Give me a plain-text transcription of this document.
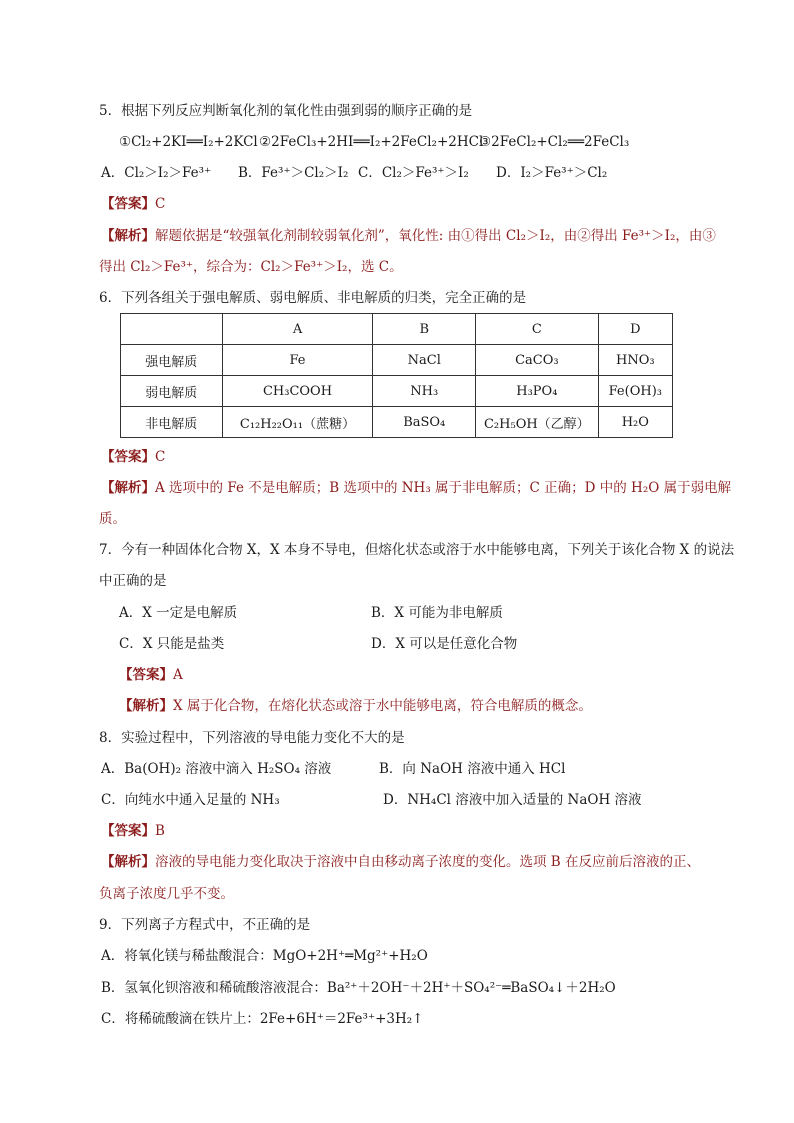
5．根据下列反应判断氧化剂的氧化性由强到弱的顺序正确的是
①Cl₂+2KI══I₂+2KCl ②2FeCl₃+2HI══I₂+2FeCl₂+2HCl
③2FeCl₂+Cl₂══2FeCl₃
A．Cl₂＞I₂＞Fe³⁺ B．Fe³⁺＞Cl₂＞I₂ C．Cl₂＞Fe³⁺＞I₂ D．I₂＞Fe³⁺＞Cl₂
【答案】C
【解析】解题依据是“较强氧化剂制较弱氧化剂”，氧化性: 由①得出 Cl₂＞I₂，由②得出 Fe³⁺＞I₂，由③
得出 Cl₂＞Fe³⁺，综合为：Cl₂＞Fe³⁺＞I₂，选 C。
6．下列各组关于强电解质、弱电解质、非电解质的归类，完全正确的是
	A	B	C	D
强电解质	Fe	NaCl	CaCO₃	HNO₃
弱电解质	CH₃COOH	NH₃	H₃PO₄	Fe(OH)₃
非电解质	C₁₂H₂₂O₁₁（蔗糖）	BaSO₄	C₂H₅OH（乙醇）	H₂O
【答案】C
【解析】A 选项中的 Fe 不是电解质；B 选项中的 NH₃ 属于非电解质；C 正确；D 中的 H₂O 属于弱电解
质。
7．今有一种固体化合物 X，X 本身不导电，但熔化状态或溶于水中能够电离，下列关于该化合物 X 的说法
中正确的是
A．X 一定是电解质	B．X 可能为非电解质
C．X 只能是盐类	D．X 可以是任意化合物
【答案】A
【解析】X 属于化合物，在熔化状态或溶于水中能够电离，符合电解质的概念。
8．实验过程中，下列溶液的导电能力变化不大的是
A．Ba(OH)₂ 溶液中滴入 H₂SO₄ 溶液	B．向 NaOH 溶液中通入 HCl
C．向纯水中通入足量的 NH₃	D．NH₄Cl 溶液中加入适量的 NaOH 溶液
【答案】B
【解析】溶液的导电能力变化取决于溶液中自由移动离子浓度的变化。选项 B 在反应前后溶液的正、
负离子浓度几乎不变。
9．下列离子方程式中，不正确的是
A．将氧化镁与稀盐酸混合：MgO+2H⁺═Mg²⁺+H₂O
B．氢氧化钡溶液和稀硫酸溶液混合：Ba²⁺＋2OH⁻＋2H⁺＋SO₄²⁻═BaSO₄↓＋2H₂O
C．将稀硫酸滴在铁片上：2Fe+6H⁺＝2Fe³⁺+3H₂↑
